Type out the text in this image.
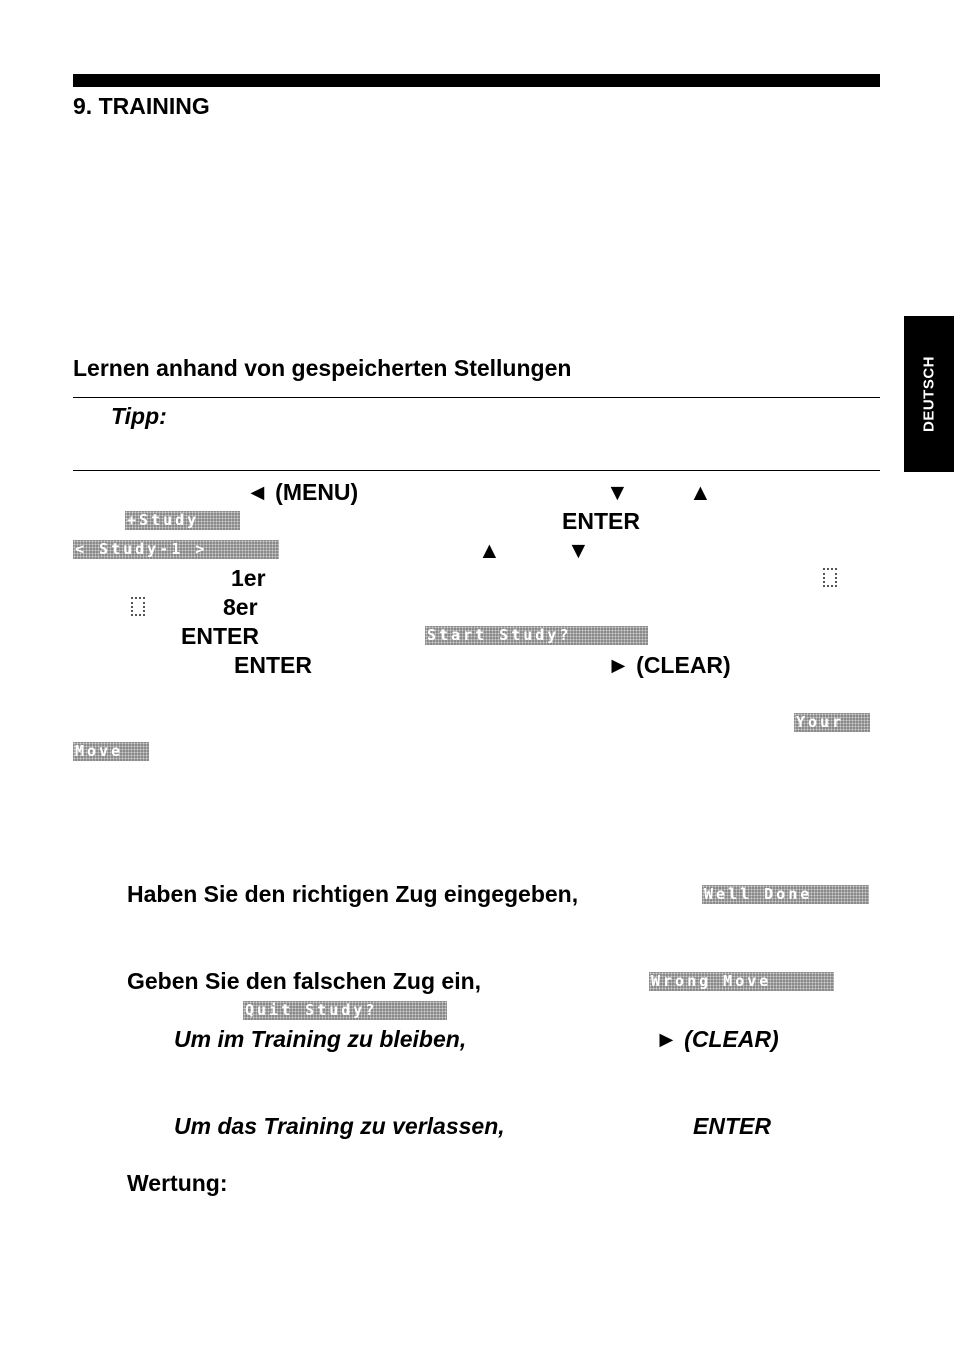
9. TRAINING
DEUTSCH
Lernen anhand von gespeicherten Stellungen
Tipp:
◄ (MENU)	▼	▲
+Study	ENTER
< Study-1 >	▲	▼
1er
8er
ENTER	Start Study?
ENTER	► (CLEAR)
Your
Move
Haben Sie den richtigen Zug eingegeben,	Well Done
Geben Sie den falschen Zug ein,	Wrong Move
Quit Study?
Um im Training zu bleiben,	► (CLEAR)
Um das Training zu verlassen,	ENTER
Wertung:
